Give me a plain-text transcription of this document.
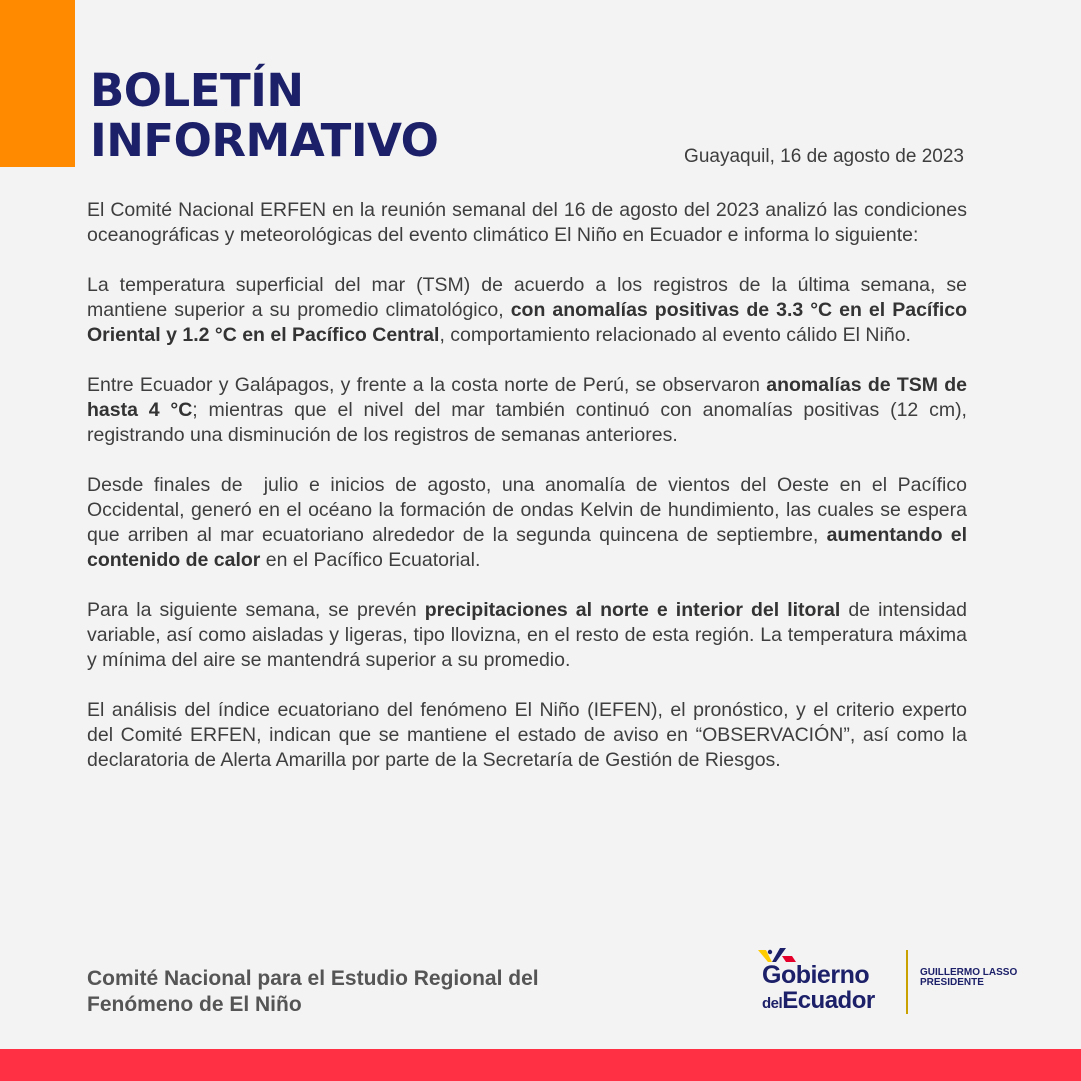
BOLETÍN
INFORMATIVO	Guayaquil, 16 de agosto de 2023

El Comité Nacional ERFEN en la reunión semanal del 16 de agosto del 2023 analizó las condiciones oceanográficas y meteorológicas del evento climático El Niño en Ecuador e informa lo siguiente:

La temperatura superficial del mar (TSM) de acuerdo a los registros de la última semana, se mantiene superior a su promedio climatológico, con anomalías positivas de 3.3 °C en el Pacífico Oriental y 1.2 °C en el Pacífico Central, comportamiento relacionado al evento cálido El Niño.

Entre Ecuador y Galápagos, y frente a la costa norte de Perú, se observaron anomalías de TSM de hasta 4 °C; mientras que el nivel del mar también continuó con anomalías positivas (12 cm), registrando una disminución de los registros de semanas anteriores.

Desde finales de  julio e inicios de agosto, una anomalía de vientos del Oeste en el Pacífico Occidental, generó en el océano la formación de ondas Kelvin de hundimiento, las cuales se espera que arriben al mar ecuatoriano alrededor de la segunda quincena de septiembre, aumentando el contenido de calor en el Pacífico Ecuatorial.

Para la siguiente semana, se prevén precipitaciones al norte e interior del litoral de intensidad variable, así como aisladas y ligeras, tipo llovizna, en el resto de esta región. La temperatura máxima y mínima del aire se mantendrá superior a su promedio.

El análisis del índice ecuatoriano del fenómeno El Niño (IEFEN), el pronóstico, y el criterio experto del Comité ERFEN, indican que se mantiene el estado de aviso en “OBSERVACIÓN”, así como la declaratoria de Alerta Amarilla por parte de la Secretaría de Gestión de Riesgos.

Comité Nacional para el Estudio Regional del
Fenómeno de El Niño
Gobierno
delEcuador
GUILLERMO LASSO
PRESIDENTE
